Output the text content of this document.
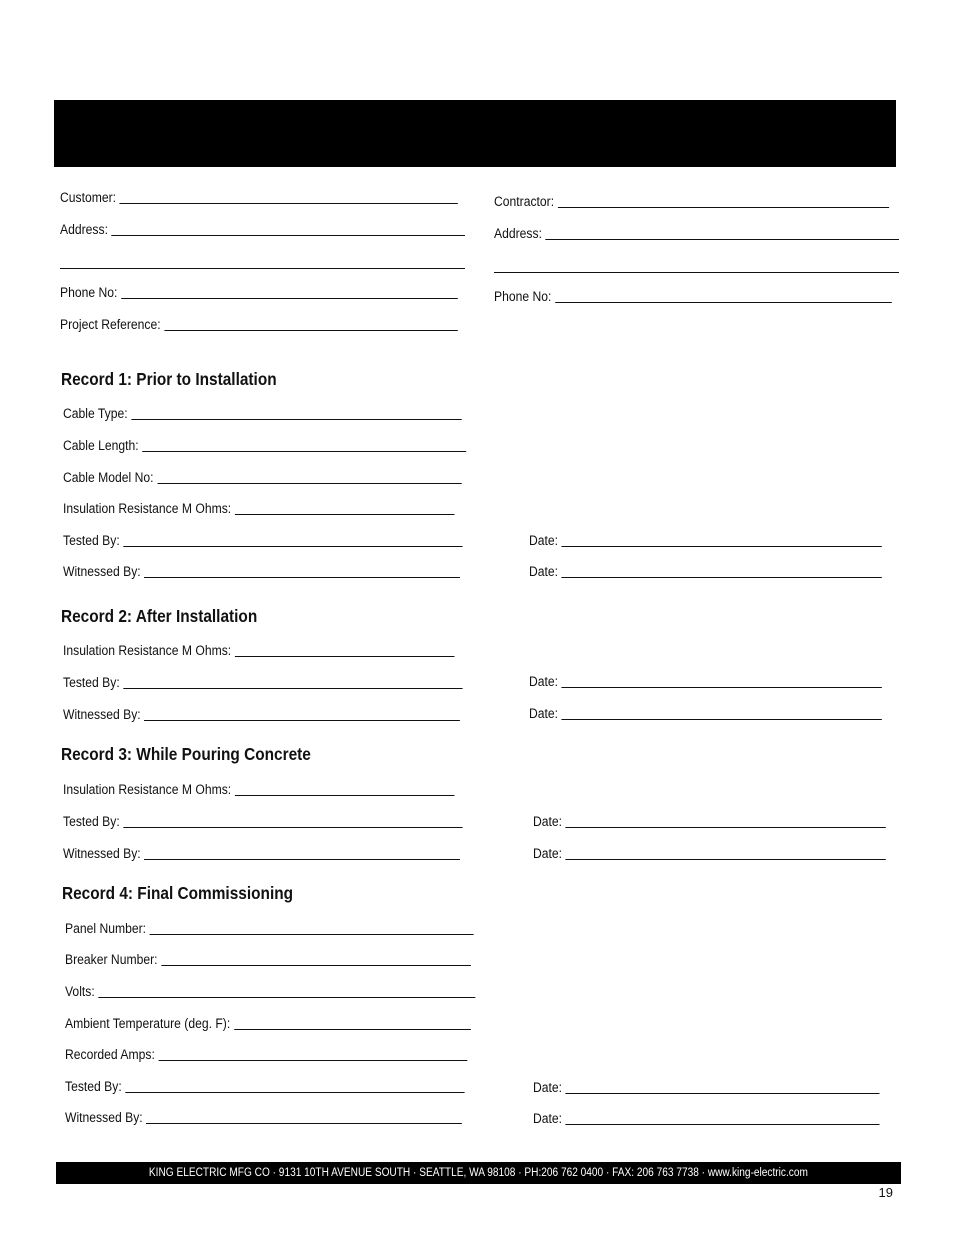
Customer:
Address:
Phone No:
Project Reference:
Contractor:
Address:
Phone No:
Record 1: Prior to Installation
Cable Type:
Cable Length:
Cable Model No:
Insulation Resistance M Ohms:
Tested By:	Date:
Witnessed By:	Date:
Record 2: After Installation
Insulation Resistance M Ohms:
Tested By:	Date:
Witnessed By:	Date:
Record 3: While Pouring Concrete
Insulation Resistance M Ohms:
Tested By:	Date:
Witnessed By:	Date:
Record 4: Final Commissioning
Panel Number:
Breaker Number:
Volts:
Ambient Temperature (deg. F):
Recorded Amps:
Tested By:	Date:
Witnessed By:	Date:
KING ELECTRIC MFG CO · 9131 10TH AVENUE SOUTH · SEATTLE, WA 98108 · PH:206 762 0400 · FAX: 206 763 7738 · www.king-electric.com
19
